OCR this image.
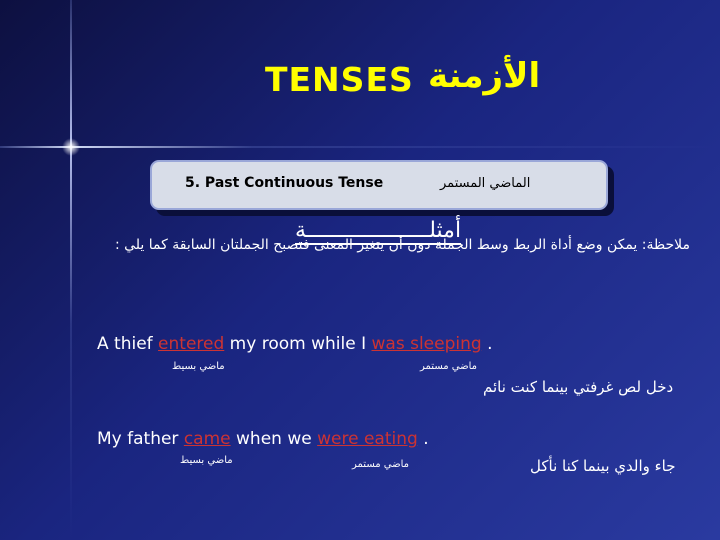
TENSES الأزمنة
5. Past Continuous Tense	الماضي المستمر
أمثلـــــــــــــــــــة
ملاحظة: يمكن وضع أداة الربط وسط الجملة دون أن يتغير المعنى فتصبح الجملتان السابقة كما يلي :
A thief entered my room while I was sleeping .
ماضي بسيط	ماضي مستمر
دخل لص غرفتي بينما كنت نائم
My father came when we were eating .
ماضي بسيط	ماضي مستمر	جاء والدي بينما كنا نأكل
